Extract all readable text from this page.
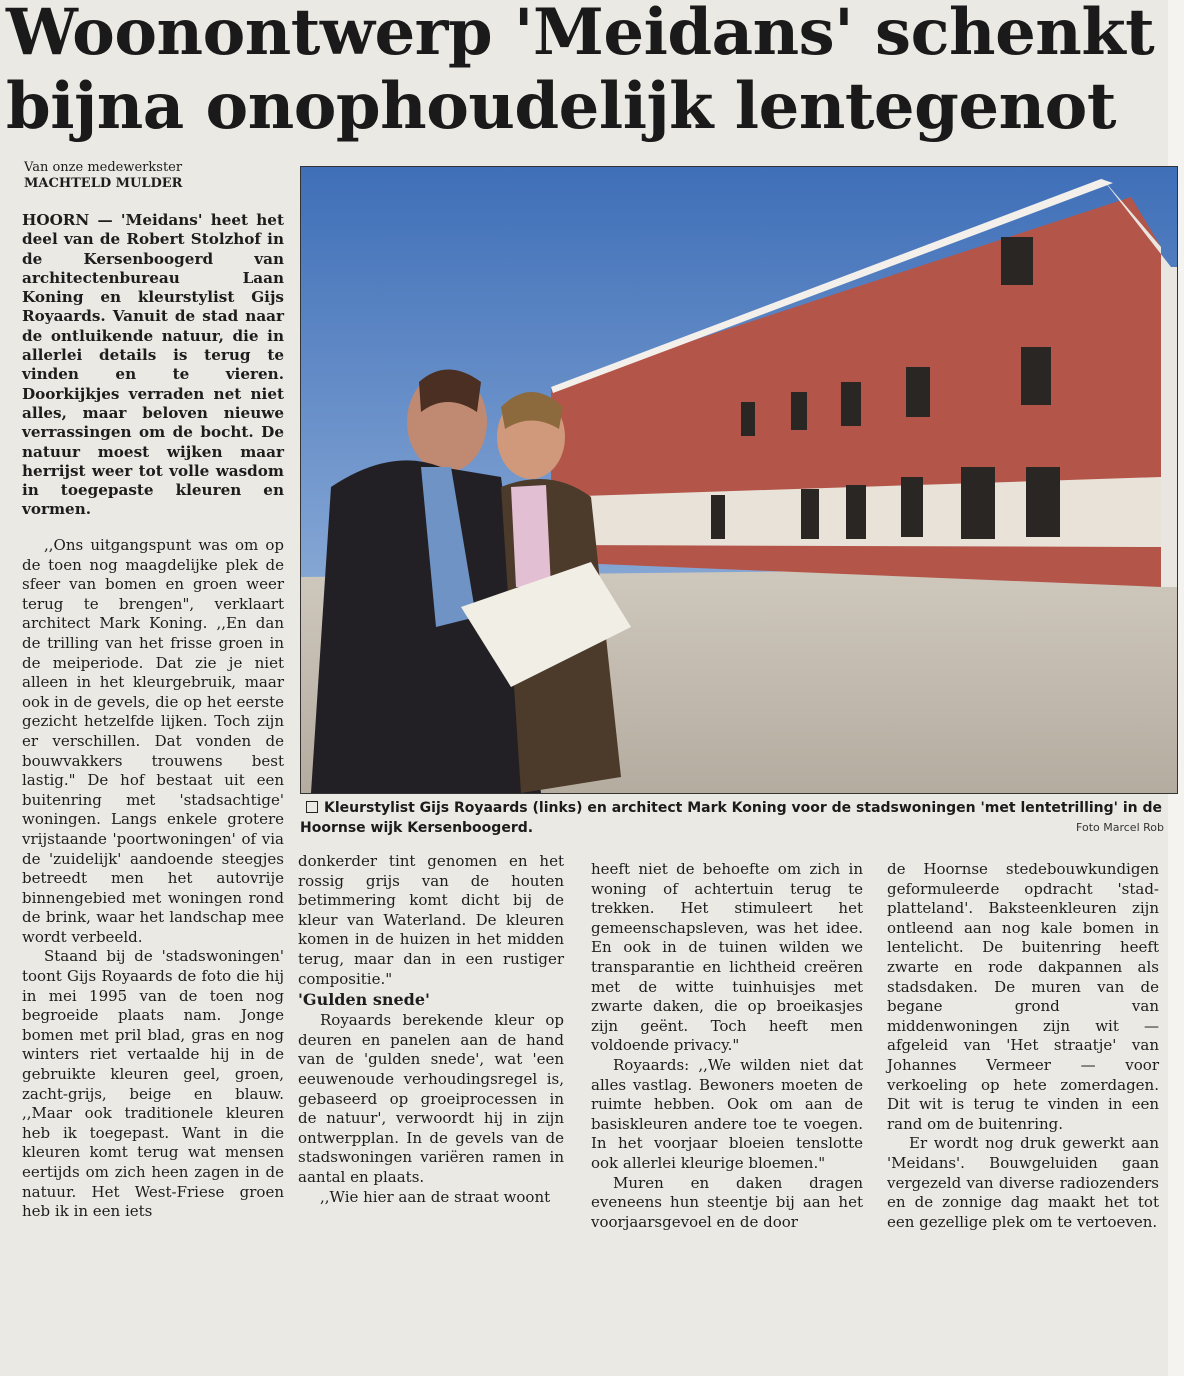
Woonontwerp 'Meidans' schenkt
bijna onophoudelijk lentegenot
Van onze medewerkster
MACHTELD MULDER

HOORN — 'Meidans' heet het deel van de Robert Stolzhof in de Kersenboogerd van architectenbureau Laan Koning en kleurstylist Gijs Royaards. Vanuit de stad naar de ontluikende natuur, die in allerlei details is terug te vinden en te vieren. Doorkijkjes verraden net niet alles, maar beloven nieuwe verrassingen om de bocht. De natuur moest wijken maar herrijst weer tot volle wasdom in toegepaste kleuren en vormen.

,,Ons uitgangspunt was om op de toen nog maagdelijke plek de sfeer van bomen en groen weer terug te brengen", verklaart architect Mark Koning. ,,En dan de trilling van het frisse groen in de meiperiode. Dat zie je niet alleen in het kleurgebruik, maar ook in de gevels, die op het eerste gezicht hetzelfde lijken. Toch zijn er verschillen. Dat vonden de bouwvakkers trouwens best lastig." De hof bestaat uit een buitenring met 'stadsachtige' woningen. Langs enkele grotere vrijstaande 'poortwoningen' of via de 'zuidelijk' aandoende steegjes betreedt men het autovrije binnengebied met woningen rond de brink, waar het landschap mee wordt verbeeld.

Staand bij de 'stadswoningen' toont Gijs Royaards de foto die hij in mei 1995 van de toen nog begroeide plaats nam. Jonge bomen met pril blad, gras en nog winters riet vertaalde hij in de gebruikte kleuren geel, groen, zacht-grijs, beige en blauw. ,,Maar ook traditionele kleuren heb ik toegepast. Want in die kleuren komt terug wat mensen eertijds om zich heen zagen in de natuur. Het West-Friese groen heb ik in een iets

Kleurstylist Gijs Royaards (links) en architect Mark Koning voor de stadswoningen 'met lentetrilling' in de Hoornse wijk Kersenboogerd.	Foto Marcel Rob

donkerder tint genomen en het rossig grijs van de houten betimmering komt dicht bij de kleur van Waterland. De kleuren komen in de huizen in het midden terug, maar dan in een rustiger compositie."

'Gulden snede'

Royaards berekende kleur op deuren en panelen aan de hand van de 'gulden snede', wat 'een eeuwenoude verhoudingsregel is, gebaseerd op groeiprocessen in de natuur', verwoordt hij in zijn ontwerpplan. In de gevels van de stadswoningen variëren ramen in aantal en plaats.

,,Wie hier aan de straat woont

heeft niet de behoefte om zich in woning of achtertuin terug te trekken. Het stimuleert het gemeenschapsleven, was het idee. En ook in de tuinen wilden we transparantie en lichtheid creëren met de witte tuinhuisjes met zwarte daken, die op broeikasjes zijn geënt. Toch heeft men voldoende privacy."

Royaards: ,,We wilden niet dat alles vastlag. Bewoners moeten de ruimte hebben. Ook om aan de basiskleuren andere toe te voegen. In het voorjaar bloeien tenslotte ook allerlei kleurige bloemen."

Muren en daken dragen eveneens hun steentje bij aan het voorjaarsgevoel en de door

de Hoornse stedebouwkundigen geformuleerde opdracht 'stad-platteland'. Baksteenkleuren zijn ontleend aan nog kale bomen in lentelicht. De buitenring heeft zwarte en rode dakpannen als stadsdaken. De muren van de begane grond van middenwoningen zijn wit — afgeleid van 'Het straatje' van Johannes Vermeer — voor verkoeling op hete zomerdagen. Dit wit is terug te vinden in een rand om de buitenring.

Er wordt nog druk gewerkt aan 'Meidans'. Bouwgeluiden gaan vergezeld van diverse radiozenders en de zonnige dag maakt het tot een gezellige plek om te vertoeven.
